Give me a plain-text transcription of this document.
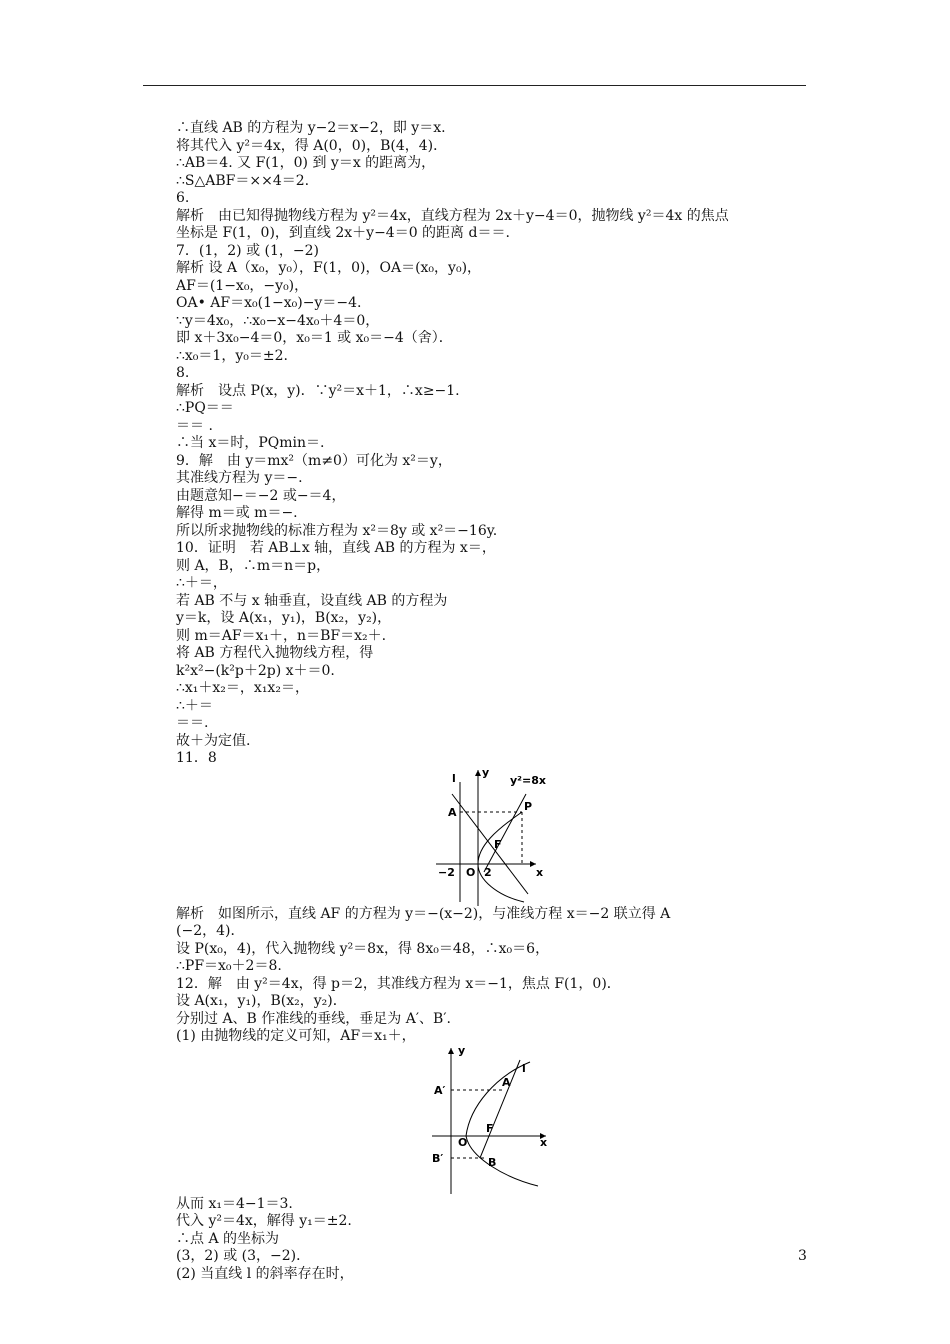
∴直线 AB 的方程为 y−2＝x−2，即 y＝x.
将其代入 y²＝4x，得 A(0，0)，B(4，4)．
∴AB＝4. 又 F(1，0) 到 y＝x 的距离为，
∴S△ABF＝××4＝2.
6.
解析　由已知得抛物线方程为 y²＝4x，直线方程为 2x＋y−4＝0，抛物线 y²＝4x 的焦点
坐标是 F(1，0)，到直线 2x＋y−4＝0 的距离 d＝＝.
7．(1，2) 或 (1，−2)
解析 设 A（x₀，y₀），F(1，0)，OA＝(x₀，y₀)，
AF＝(1−x₀，−y₀)，
OA• AF＝x₀(1−x₀)−y＝−4.
∵y＝4x₀，∴x₀−x−4x₀＋4＝0，
即 x＋3x₀−4＝0，x₀＝1 或 x₀＝−4（舍）．
∴x₀＝1，y₀＝±2.
8.
解析　设点 P(x，y)．∵y²＝x＋1，∴x≥−1.
∴PQ＝＝
＝＝ .
∴当 x＝时，PQmin＝.
9．解　由 y＝mx²（m≠0）可化为 x²＝y，
其准线方程为 y＝−.
由题意知−＝−2 或−＝4，
解得 m＝或 m＝−.
所以所求抛物线的标准方程为 x²＝8y 或 x²＝−16y.
10．证明　若 AB⊥x 轴，直线 AB 的方程为 x＝，
则 A，B，∴m＝n＝p，
∴＋＝，
若 AB 不与 x 轴垂直，设直线 AB 的方程为
y＝k，设 A(x₁，y₁)，B(x₂，y₂)，
则 m＝AF＝x₁＋，n＝BF＝x₂＋.
将 AB 方程代入抛物线方程，得
k²x²−(k²p＋2p) x＋＝0.
∴x₁＋x₂＝，x₁x₂＝，
∴＋＝
＝＝.
故＋为定值.
11．8
l y
y²=8x
A	P
F
O
−2	2	x
解析　如图所示，直线 AF 的方程为 y＝−(x−2)，与准线方程 x＝−2 联立得 A
(−2，4)．
设 P(x₀，4)，代入抛物线 y²＝8x，得 8x₀＝48，∴x₀＝6，
∴PF＝x₀＋2＝8.
12．解　由 y²＝4x，得 p＝2，其准线方程为 x＝−1，焦点 F(1，0)．
设 A(x₁，y₁)，B(x₂，y₂)．
分别过 A、B 作准线的垂线，垂足为 A′、B′.
(1) 由抛物线的定义可知，AF＝x₁＋，
y
l
A
A′
F
O
B
B′
x
从而 x₁＝4−1＝3.
代入 y²＝4x，解得 y₁＝±2.
∴点 A 的坐标为
(3，2) 或 (3，−2)．
(2) 当直线 l 的斜率存在时，
3
